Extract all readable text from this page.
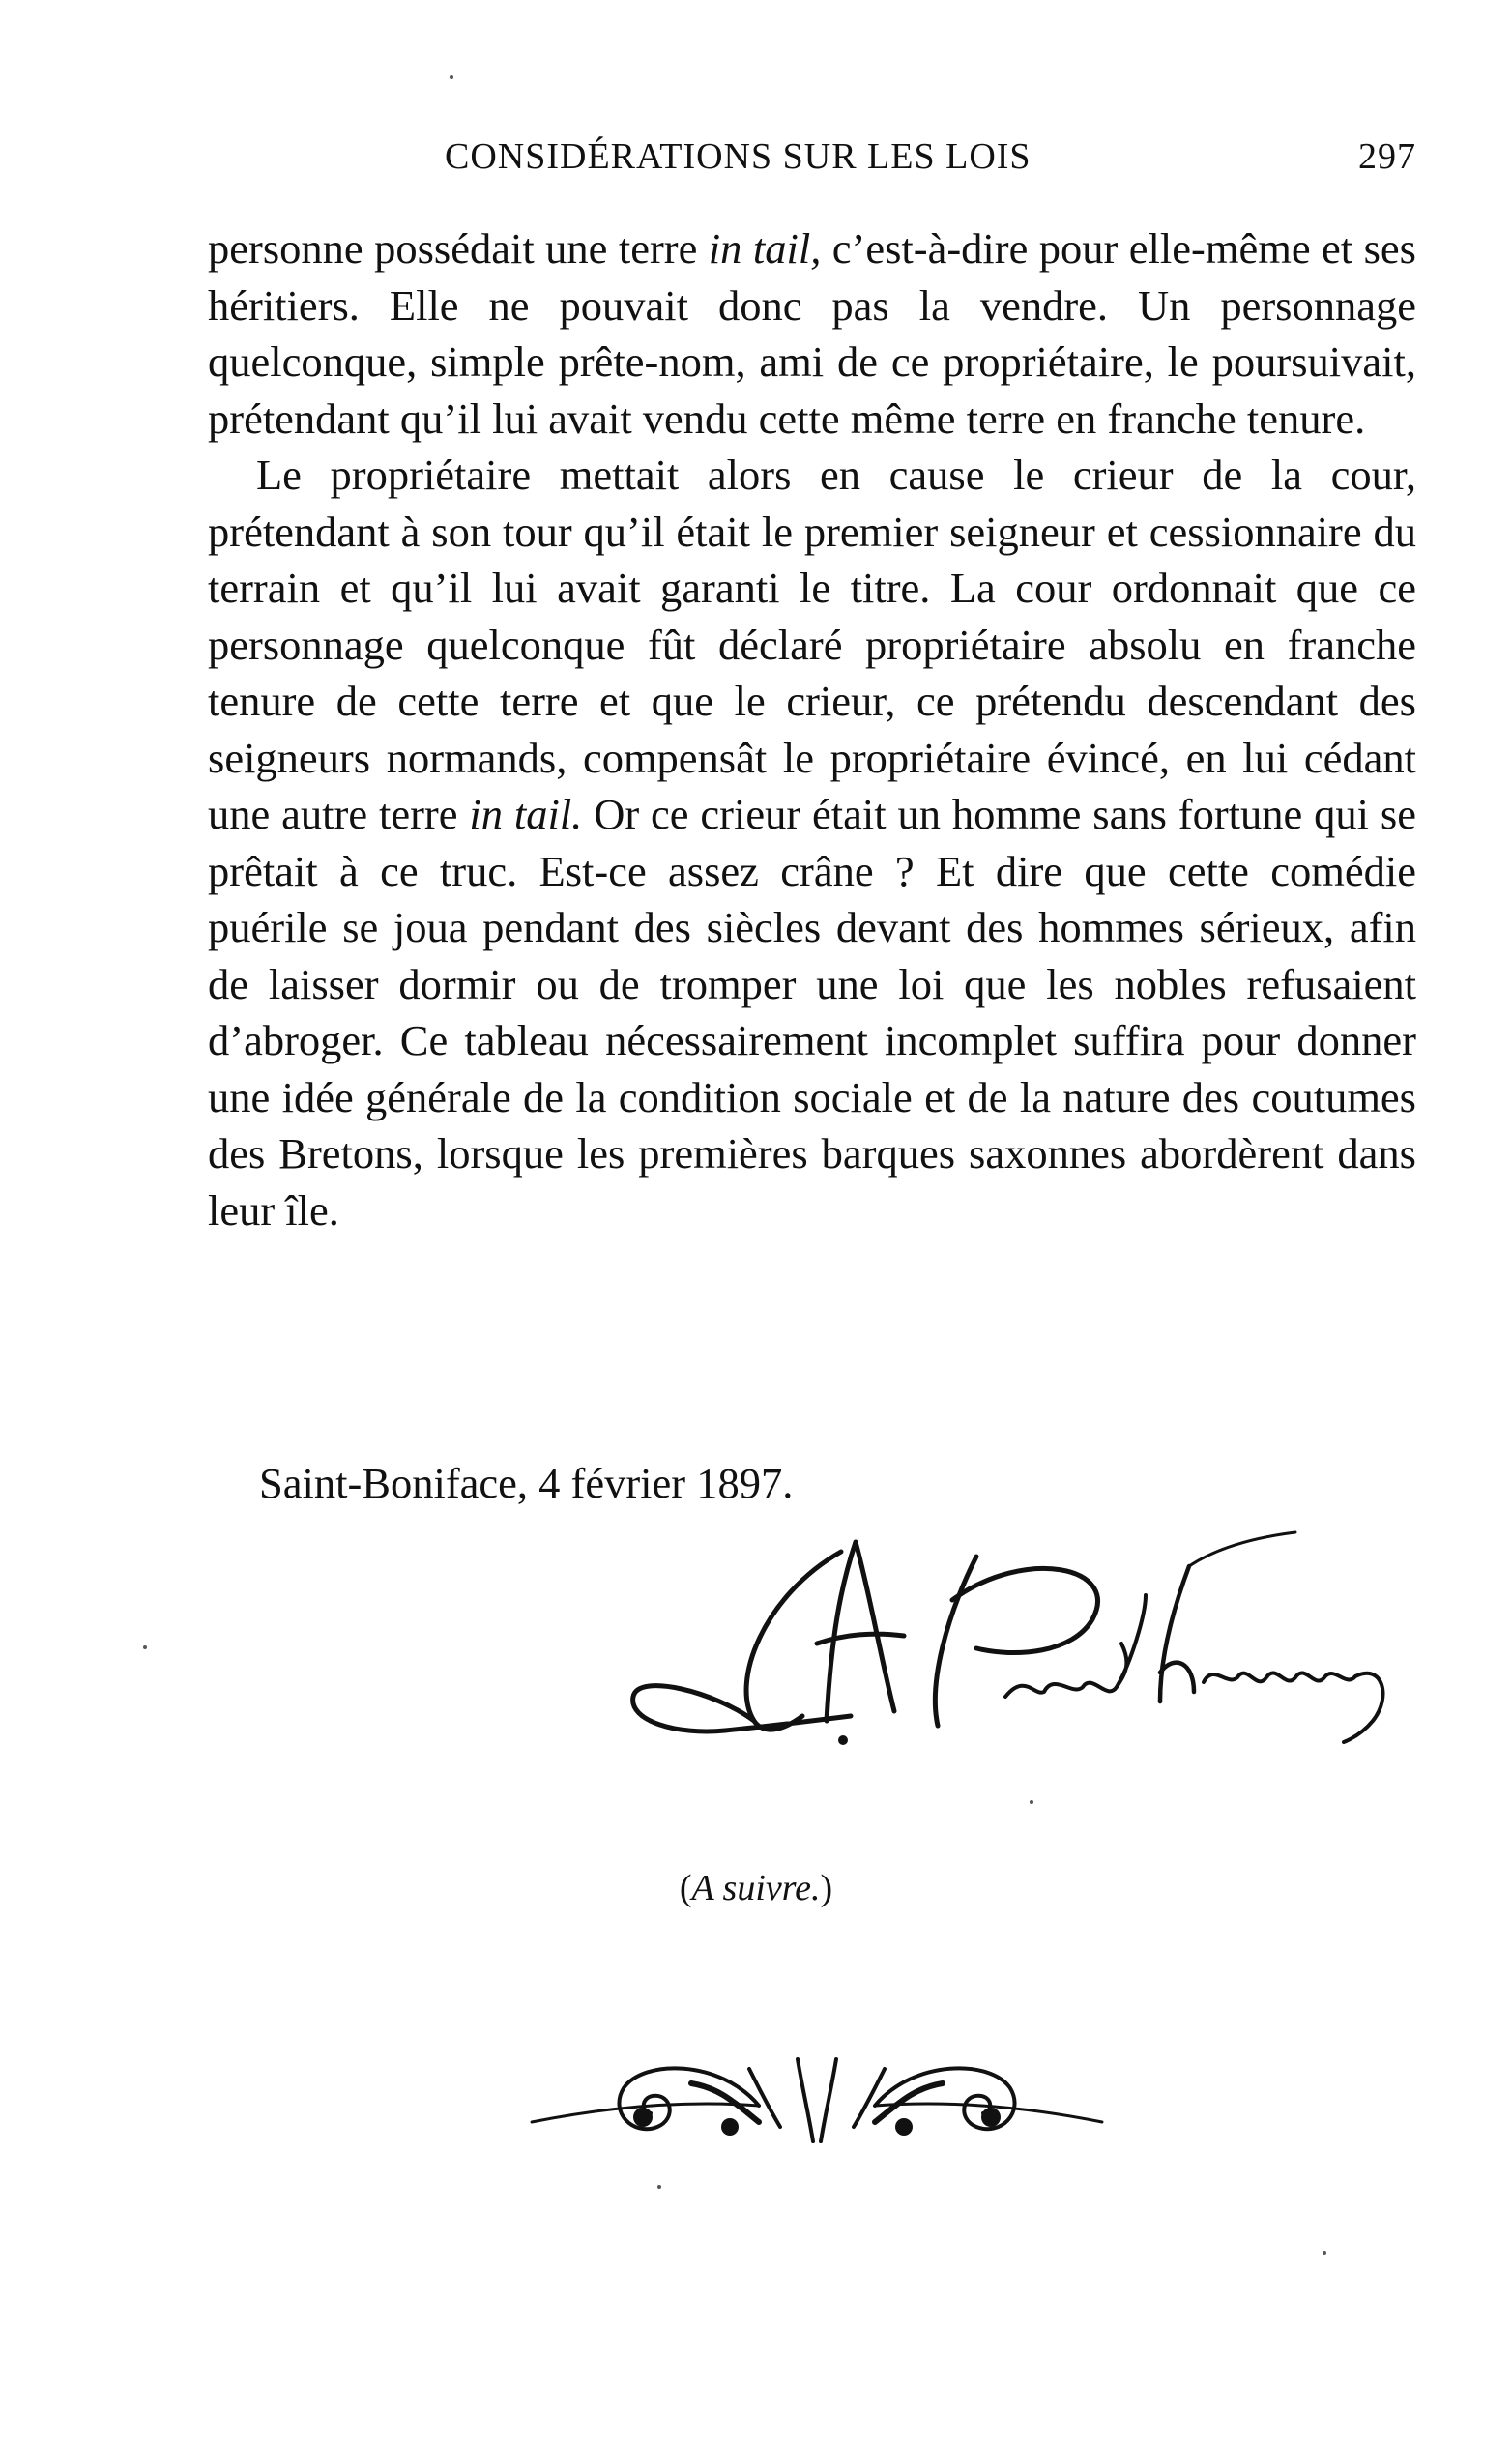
CONSIDÉRATIONS SUR LES LOIS	297

personne possédait une terre in tail, c’est-à-dire pour elle-même et ses héritiers. Elle ne pouvait donc pas la vendre. Un personnage quelconque, simple prête-nom, ami de ce propriétaire, le poursuivait, prétendant qu’il lui avait vendu cette même terre en franche tenure.

Le propriétaire mettait alors en cause le crieur de la cour, prétendant à son tour qu’il était le premier seigneur et cessionnaire du terrain et qu’il lui avait garanti le titre. La cour ordonnait que ce personnage quelconque fût déclaré propriétaire absolu en franche tenure de cette terre et que le crieur, ce prétendu descendant des seigneurs normands, compensât le propriétaire évincé, en lui cédant une autre terre in tail. Or ce crieur était un homme sans fortune qui se prêtait à ce truc. Est-ce assez crâne ? Et dire que cette comédie puérile se joua pendant des siècles devant des hommes sérieux, afin de laisser dormir ou de tromper une loi que les nobles refusaient d’abroger. Ce tableau nécessairement incomplet suffira pour donner une idée générale de la condition sociale et de la nature des coutumes des Bretons, lorsque les premières barques saxonnes abordèrent dans leur île.

Saint-Boniface, 4 février 1897.
(A suivre.)
